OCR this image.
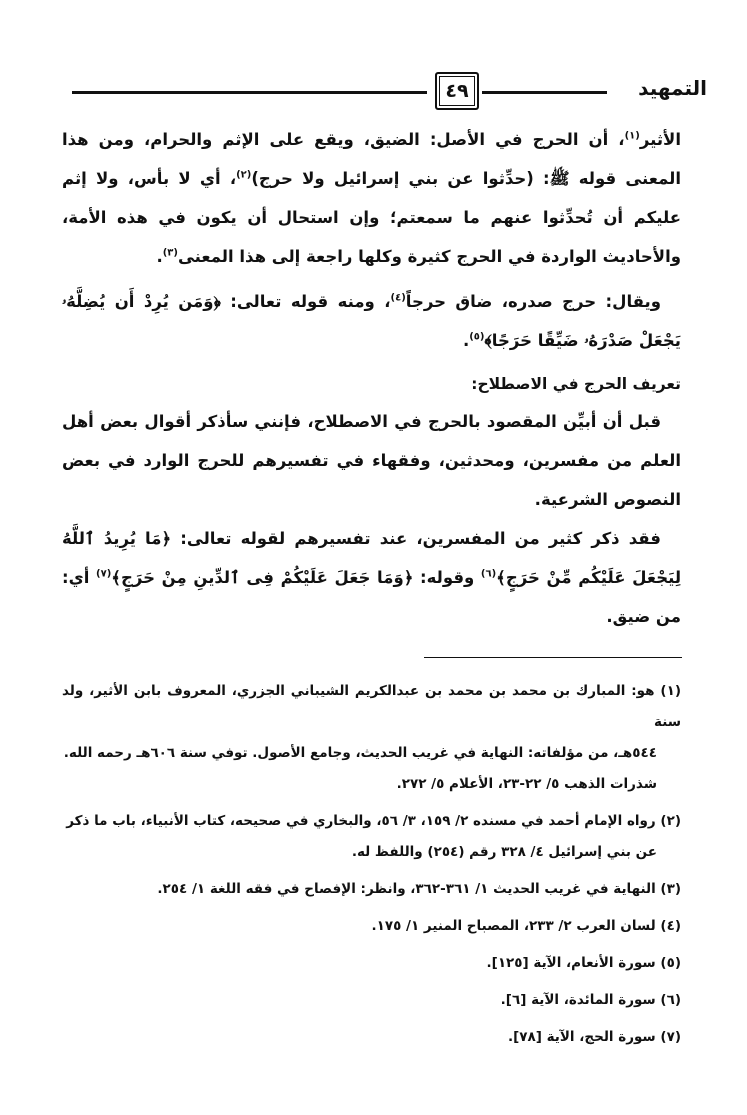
التمهيد
٤٩

الأثير$^{(١)}$، أن الحرج في الأصل: الضيق، ويقع على الإثم والحرام، ومن هذا المعنى قوله ﷺ: (حدِّثوا عن بني إسرائيل ولا حرج)$^{(٢)}$، أي لا بأس، ولا إثم عليكم أن تُحدِّثوا عنهم ما سمعتم؛ وإن استحال أن يكون في هذه الأمة، والأحاديث الواردة في الحرج كثيرة وكلها راجعة إلى هذا المعنى$^{(٣)}$.

ويقال: حرج صدره، ضاق حرجاً$^{(٤)}$، ومنه قوله تعالى: ﴿وَمَن يُرِدْ أَن يُضِلَّهُۥ يَجْعَلْ صَدْرَهُۥ ضَيِّقًا حَرَجًا﴾$^{(٥)}$.

تعريف الحرج في الاصطلاح:

قبل أن أبيِّن المقصود بالحرج في الاصطلاح، فإنني سأذكر أقوال بعض أهل العلم من مفسرين، ومحدثين، وفقهاء في تفسيرهم للحرج الوارد في بعض النصوص الشرعية.

فقد ذكر كثير من المفسرين، عند تفسيرهم لقوله تعالى: ﴿مَا يُرِيدُ ٱللَّهُ لِيَجْعَلَ عَلَيْكُم مِّنْ حَرَجٍ﴾$^{(٦)}$ وقوله: ﴿وَمَا جَعَلَ عَلَيْكُمْ فِى ٱلدِّينِ مِنْ حَرَجٍ﴾$^{(٧)}$ أي: من ضيق.

(١) هو: المبارك بن محمد بن محمد بن عبدالكريم الشيباني الجزري، المعروف بابن الأثير، ولد سنة
٥٤٤هـ، من مؤلفاته: النهاية في غريب الحديث، وجامع الأصول. توفي سنة ٦٠٦هـ رحمه الله.
شذرات الذهب ٥/ ٢٢-٢٣، الأعلام ٥/ ٢٧٢.

(٢) رواه الإمام أحمد في مسنده ٢/ ١٥٩، ٣/ ٥٦، والبخاري في صحيحه، كتاب الأنبياء، باب ما ذكر
عن بني إسرائيل ٤/ ٣٢٨ رقم (٢٥٤) واللفظ له.

(٣) النهاية في غريب الحديث ١/ ٣٦١-٣٦٢، وانظر: الإفصاح في فقه اللغة ١/ ٢٥٤.

(٤) لسان العرب ٢/ ٢٣٣، المصباح المنير ١/ ١٧٥.

(٥) سورة الأنعام، الآية [١٢٥].

(٦) سورة المائدة، الآية [٦].

(٧) سورة الحج، الآية [٧٨].
